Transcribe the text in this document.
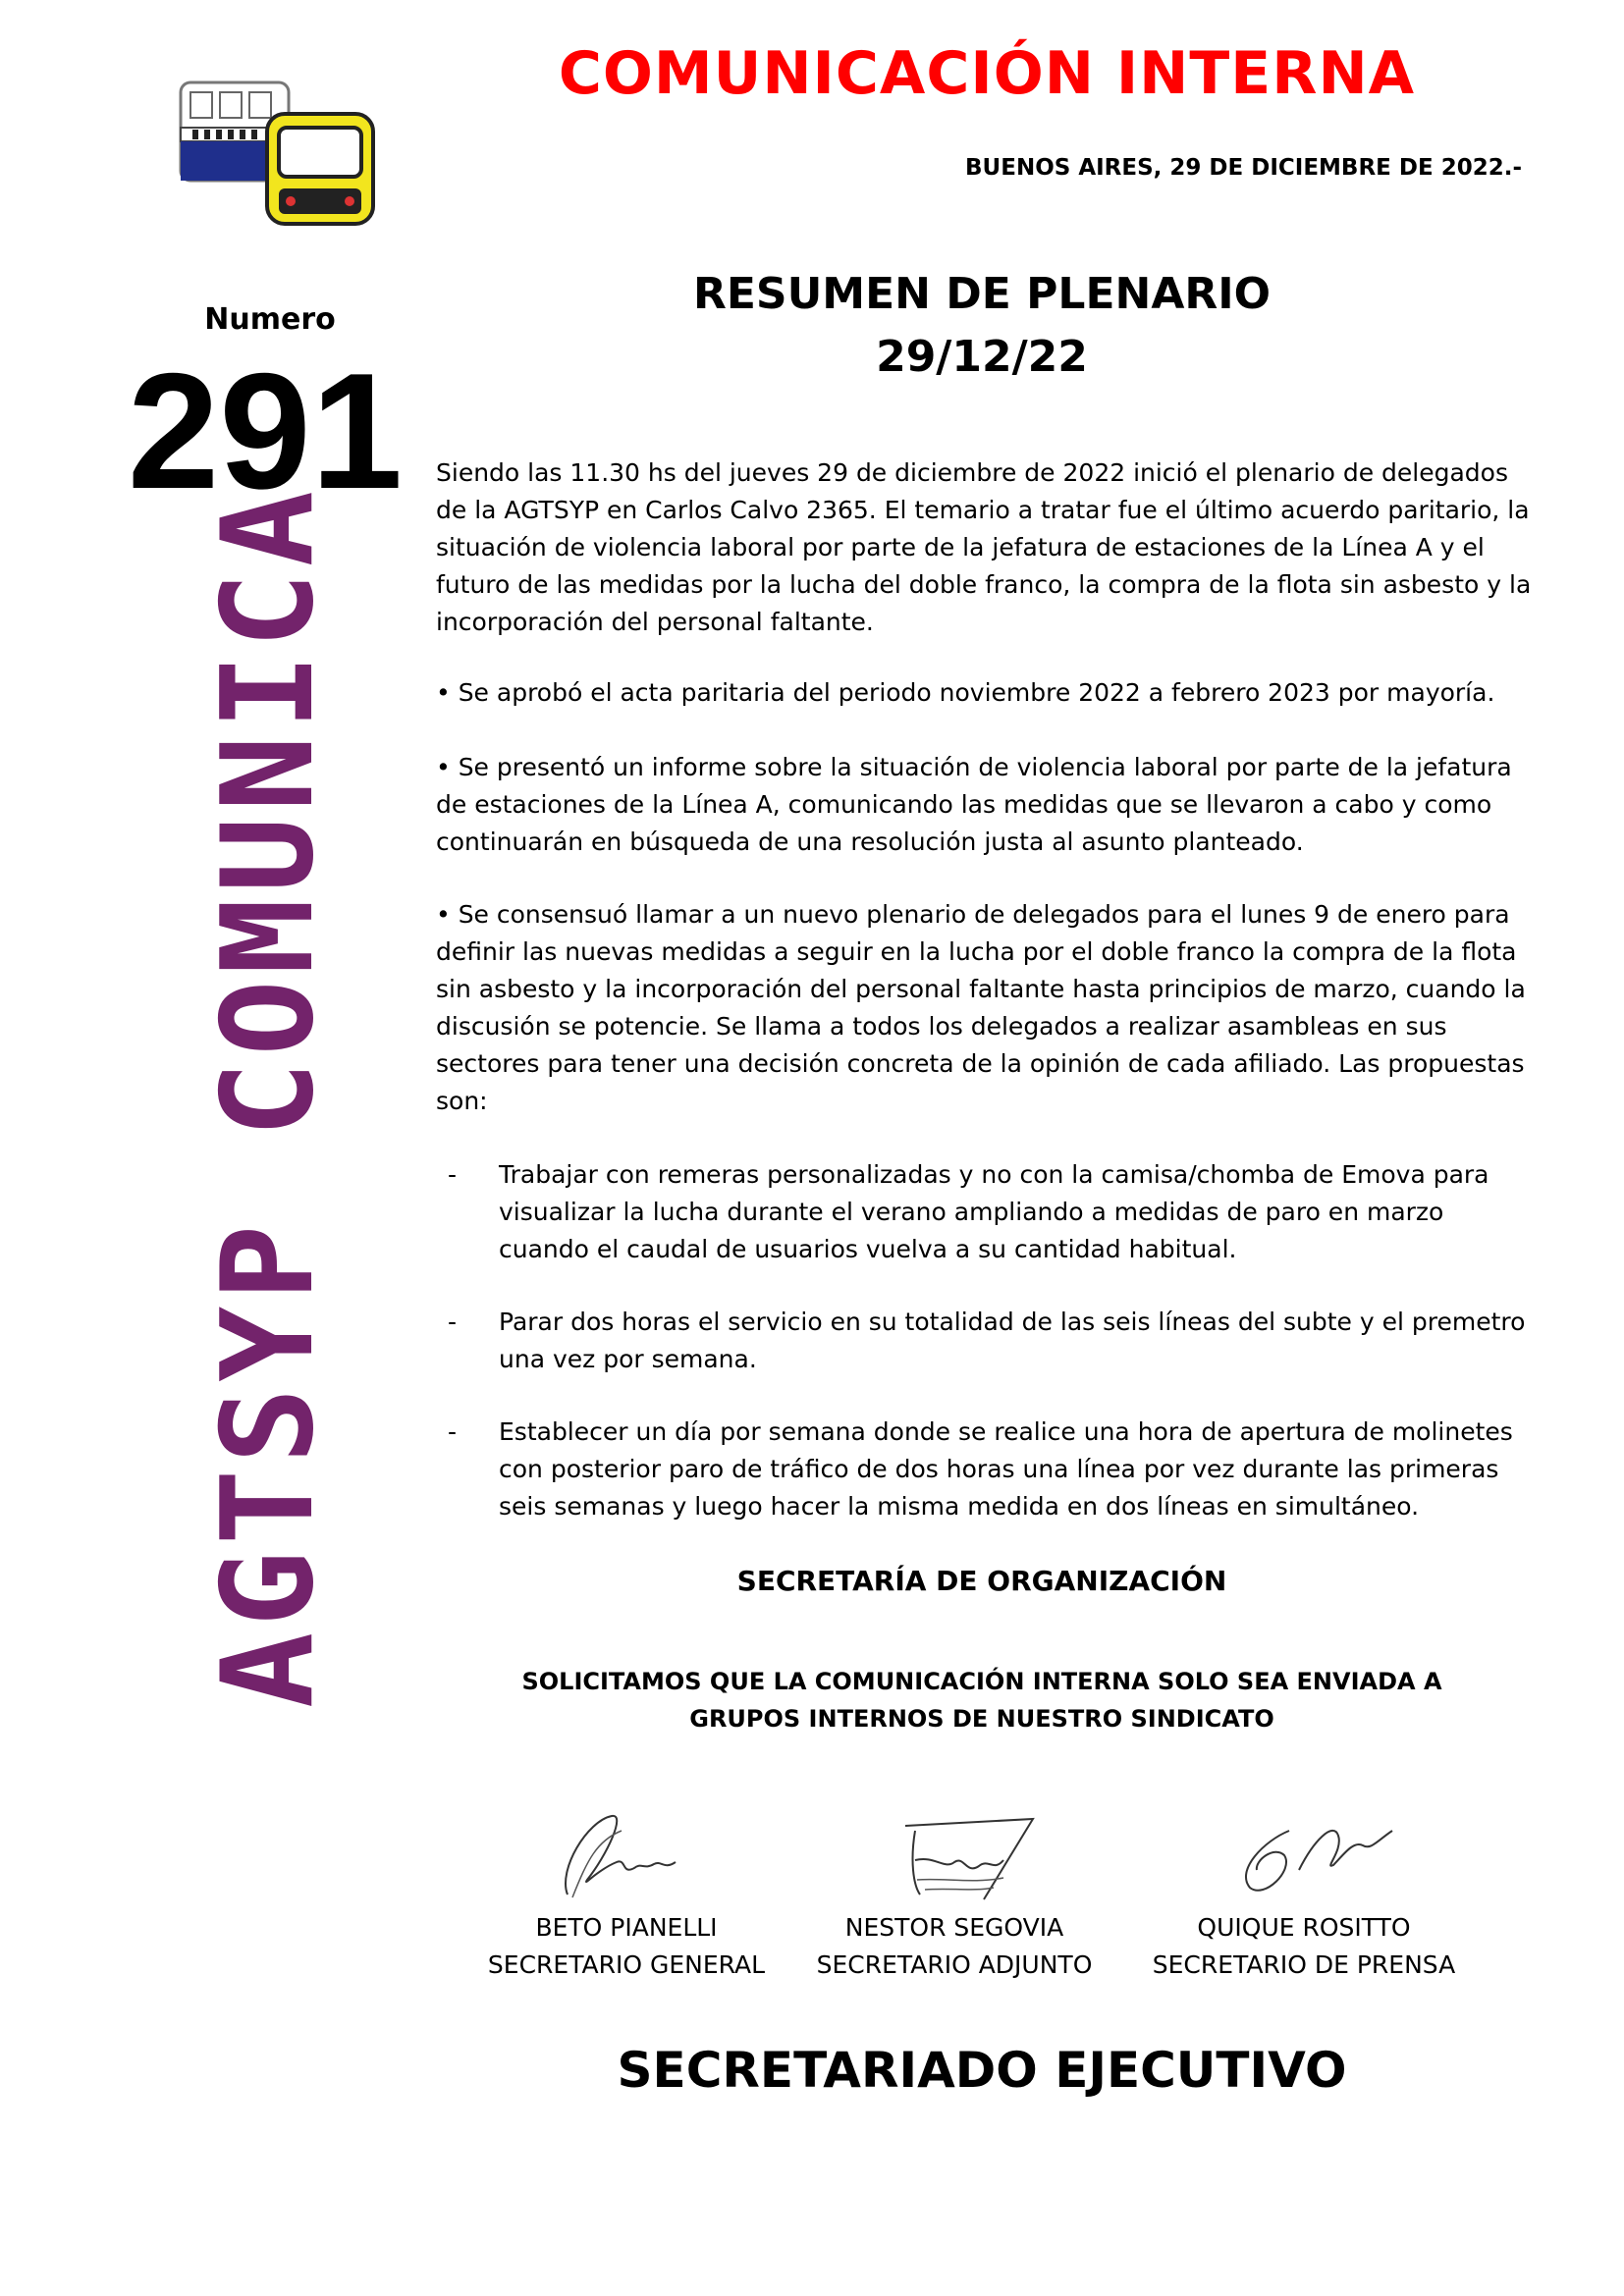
COMUNICACIÓN INTERNA
BUENOS AIRES, 29 DE DICIEMBRE DE 2022.-
Numero
291
AGTSYP COMUNICA
RESUMEN DE PLENARIO
29/12/22
Siendo las 11.30 hs del jueves 29 de diciembre de 2022 inició el plenario de delegados de la AGTSYP en Carlos Calvo 2365. El temario a tratar fue el último acuerdo paritario, la situación de violencia laboral por parte de la jefatura de estaciones de la Línea A y el futuro de las medidas por la lucha del doble franco, la compra de la flota sin asbesto y la incorporación del personal faltante.
• Se aprobó el acta paritaria del periodo noviembre 2022 a febrero 2023 por mayoría.
• Se presentó un informe sobre la situación de violencia laboral por parte de la jefatura de estaciones de la Línea A, comunicando las medidas que se llevaron a cabo y como continuarán en búsqueda de una resolución justa al asunto planteado.
• Se consensuó llamar a un nuevo plenario de delegados para el lunes 9 de enero para definir las nuevas medidas a seguir en la lucha por el doble franco la compra de la flota sin asbesto y la incorporación del personal faltante hasta principios de marzo, cuando la discusión se potencie. Se llama a todos los delegados a realizar asambleas en sus sectores para tener una decisión concreta de la opinión de cada afiliado. Las propuestas son:
-	Trabajar con remeras personalizadas y no con la camisa/chomba de Emova para visualizar la lucha durante el verano ampliando a medidas de paro en marzo cuando el caudal de usuarios vuelva a su cantidad habitual.
-	Parar dos horas el servicio en su totalidad de las seis líneas del subte y el premetro una vez por semana.
-	Establecer un día por semana donde se realice una hora de apertura de molinetes con posterior paro de tráfico de dos horas una línea por vez durante las primeras seis semanas y luego hacer la misma medida en dos líneas en simultáneo.
SECRETARÍA DE ORGANIZACIÓN
SOLICITAMOS QUE LA COMUNICACIÓN INTERNA SOLO SEA ENVIADA A
GRUPOS INTERNOS DE NUESTRO SINDICATO
BETO PIANELLI
SECRETARIO GENERAL
NESTOR SEGOVIA
SECRETARIO ADJUNTO
QUIQUE ROSITTO
SECRETARIO DE PRENSA
SECRETARIADO EJECUTIVO
